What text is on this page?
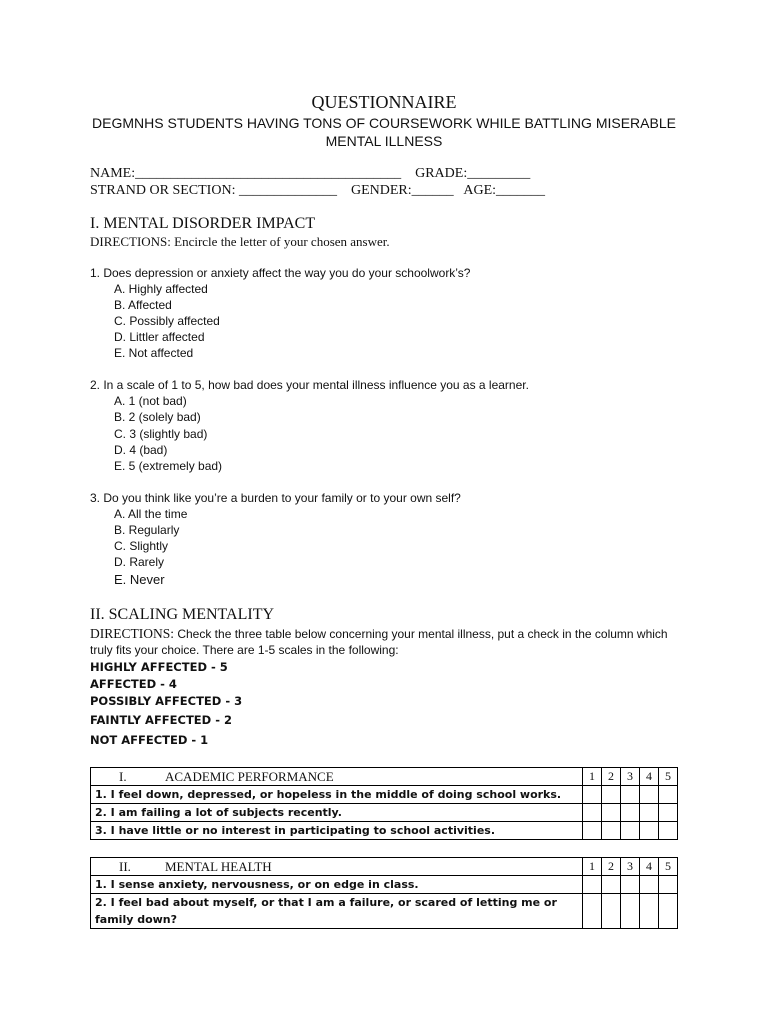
QUESTIONNAIRE
DEGMNHS STUDENTS HAVING TONS OF COURSEWORK WHILE BATTLING MISERABLE
MENTAL ILLNESS
NAME:______________________________________    GRADE:_________
STRAND OR SECTION: ______________    GENDER:______   AGE:_______
I. MENTAL DISORDER IMPACT
DIRECTIONS: Encircle the letter of your chosen answer.
1. Does depression or anxiety affect the way you do your schoolwork’s?
A. Highly affected
B. Affected
C. Possibly affected
D. Littler affected
E. Not affected
2. In a scale of 1 to 5, how bad does your mental illness influence you as a learner.
A. 1 (not bad)
B. 2 (solely bad)
C. 3 (slightly bad)
D. 4 (bad)
E. 5 (extremely bad)
3. Do you think like you’re a burden to your family or to your own self?
A. All the time
B. Regularly
C. Slightly
D. Rarely
E. Never
II. SCALING MENTALITY
DIRECTIONS: Check the three table below concerning your mental illness, put a check in the column which truly fits your choice. There are 1-5 scales in the following:
HIGHLY AFFECTED - 5
AFFECTED - 4
POSSIBLY AFFECTED - 3
FAINTLY AFFECTED - 2
NOT AFFECTED - 1
I. ACADEMIC PERFORMANCE	1	2	3	4	5
1. I feel down, depressed, or hopeless in the middle of doing school works.					
2. I am failing a lot of subjects recently.					
3. I have little or no interest in participating to school activities.					
II. MENTAL HEALTH	1	2	3	4	5
1. I sense anxiety, nervousness, or on edge in class.					
2. I feel bad about myself, or that I am a failure, or scared of letting me or family down?					
